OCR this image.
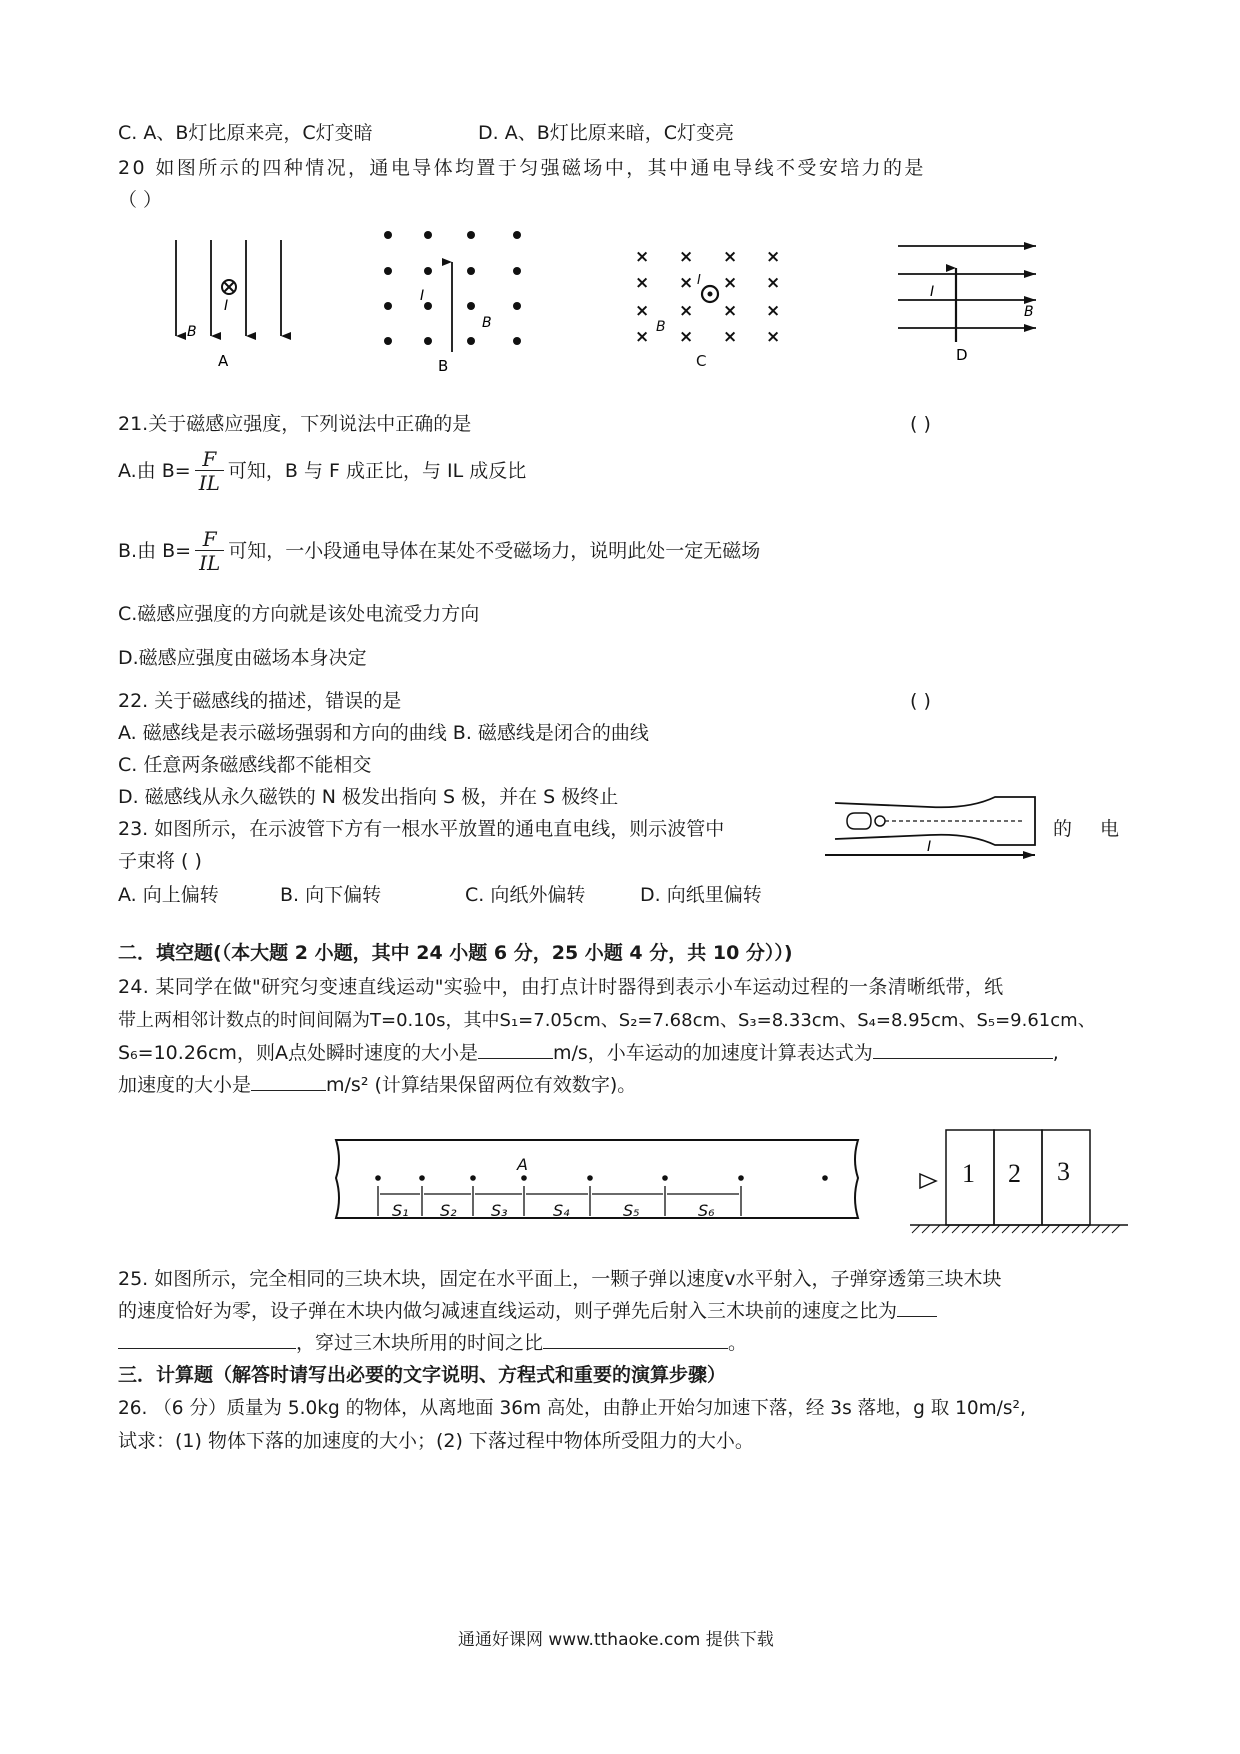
C. A、B灯比原来亮，C灯变暗	D. A、B灯比原来暗，C灯变亮
20 如图所示的四种情况，通电导体均置于匀强磁场中，其中通电导线不受安培力的是
（ ）
B
I
A
I
B
B
× × × ×
× × × ×
× × × ×
× × × ×
I
B
C
I
B
D
21.关于磁感应强度，下列说法中正确的是	( )
A.由 $B= \frac{F}{IL}$ 可知，B 与 F 成正比，与 IL 成反比
B.由 $B= \frac{F}{IL}$ 可知，一小段通电导体在某处不受磁场力，说明此处一定无磁场
C.磁感应强度的方向就是该处电流受力方向
D.磁感应强度由磁场本身决定
22. 关于磁感线的描述，错误的是	( )
A. 磁感线是表示磁场强弱和方向的曲线 B. 磁感线是闭合的曲线
C. 任意两条磁感线都不能相交
D. 磁感线从永久磁铁的 N 极发出指向 S 极，并在 S 极终止
23. 如图所示，在示波管下方有一根水平放置的通电直电线，则示波管中	的 电
子束将 ( )
A. 向上偏转	B. 向下偏转	C. 向纸外偏转	D. 向纸里偏转
I
二．填空题(（本大题 2 小题，其中 24 小题 6 分，25 小题 4 分，共 10 分））)
24. 某同学在做"研究匀变速直线运动"实验中，由打点计时器得到表示小车运动过程的一条清晰纸带，纸
带上两相邻计数点的时间间隔为T=0.10s，其中S₁=7.05cm、S₂=7.68cm、S₃=8.33cm、S₄=8.95cm、S₅=9.61cm、
S₆=10.26cm，则A点处瞬时速度的大小是	m/s，小车运动的加速度计算表达式为	,
加速度的大小是	m/s² (计算结果保留两位有效数字)。
S₁ S₂ S₃	S₄	S₅	S₆
A	1 2 3
25. 如图所示，完全相同的三块木块，固定在水平面上，一颗子弹以速度v水平射入，子弹穿透第三块木块
的速度恰好为零，设子弹在木块内做匀减速直线运动，则子弹先后射入三木块前的速度之比为
，穿过三木块所用的时间之比	。
三．计算题（解答时请写出必要的文字说明、方程式和重要的演算步骤）
26. （6 分）质量为 5.0kg 的物体，从离地面 36m 高处，由静止开始匀加速下落，经 3s 落地，g 取 10m/s²,
试求：(1) 物体下落的加速度的大小；(2) 下落过程中物体所受阻力的大小。
通通好课网 www.tthaoke.com 提供下载
